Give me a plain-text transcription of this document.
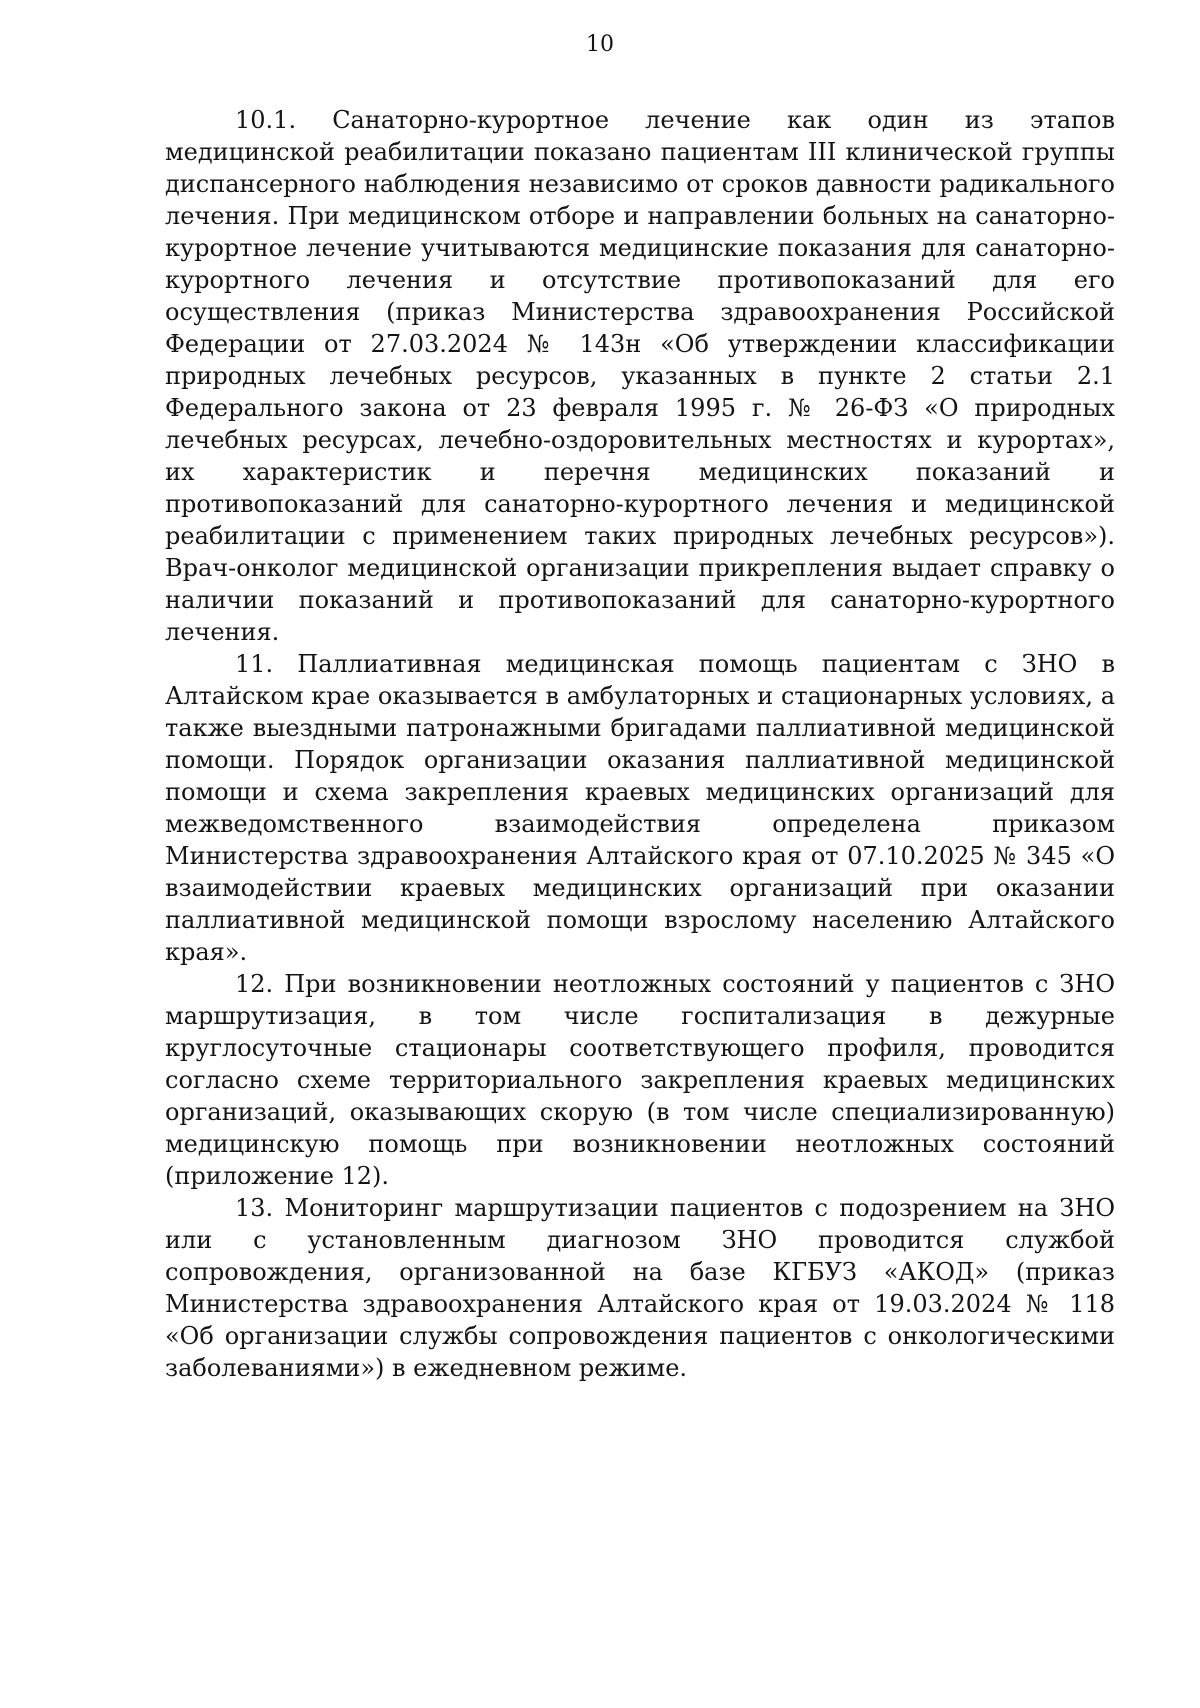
10

10.1. Санаторно-курортное лечение как один из этапов медицинской реабилитации показано пациентам III клинической группы диспансерного наблюдения независимо от сроков давности радикального лечения. При медицинском отборе и направлении больных на санаторно-курортное лечение учитываются медицинские показания для санаторно-курортного лечения и отсутствие противопоказаний для его осуществления (приказ Министерства здравоохранения Российской Федерации от 27.03.2024 № 143н «Об утверждении классификации природных лечебных ресурсов, указанных в пункте 2 статьи 2.1 Федерального закона от 23 февраля 1995 г. № 26-ФЗ «О природных лечебных ресурсах, лечебно-оздоровительных местностях и курортах», их характеристик и перечня медицинских показаний и противопоказаний для санаторно-курортного лечения и медицинской реабилитации с применением таких природных лечебных ресурсов»). Врач-онколог медицинской организации прикрепления выдает справку о наличии показаний и противопоказаний для санаторно-курортного лечения.

11. Паллиативная медицинская помощь пациентам с ЗНО в Алтайском крае оказывается в амбулаторных и стационарных условиях, а также выездными патронажными бригадами паллиативной медицинской помощи. Порядок организации оказания паллиативной медицинской помощи и схема закрепления краевых медицинских организаций для межведомственного взаимодействия определена приказом Министерства здравоохранения Алтайского края от 07.10.2025 № 345 «О взаимодействии краевых медицинских организаций при оказании паллиативной медицинской помощи взрослому населению Алтайского края».

12. При возникновении неотложных состояний у пациентов с ЗНО маршрутизация, в том числе госпитализация в дежурные круглосуточные стационары соответствующего профиля, проводится согласно схеме территориального закрепления краевых медицинских организаций, оказывающих скорую (в том числе специализированную) медицинскую помощь при возникновении неотложных состояний (приложение 12).

13. Мониторинг маршрутизации пациентов с подозрением на ЗНО или с установленным диагнозом ЗНО проводится службой сопровождения, организованной на базе КГБУЗ «АКОД» (приказ Министерства здравоохранения Алтайского края от 19.03.2024 № 118 «Об организации службы сопровождения пациентов с онкологическими заболеваниями») в ежедневном режиме.
